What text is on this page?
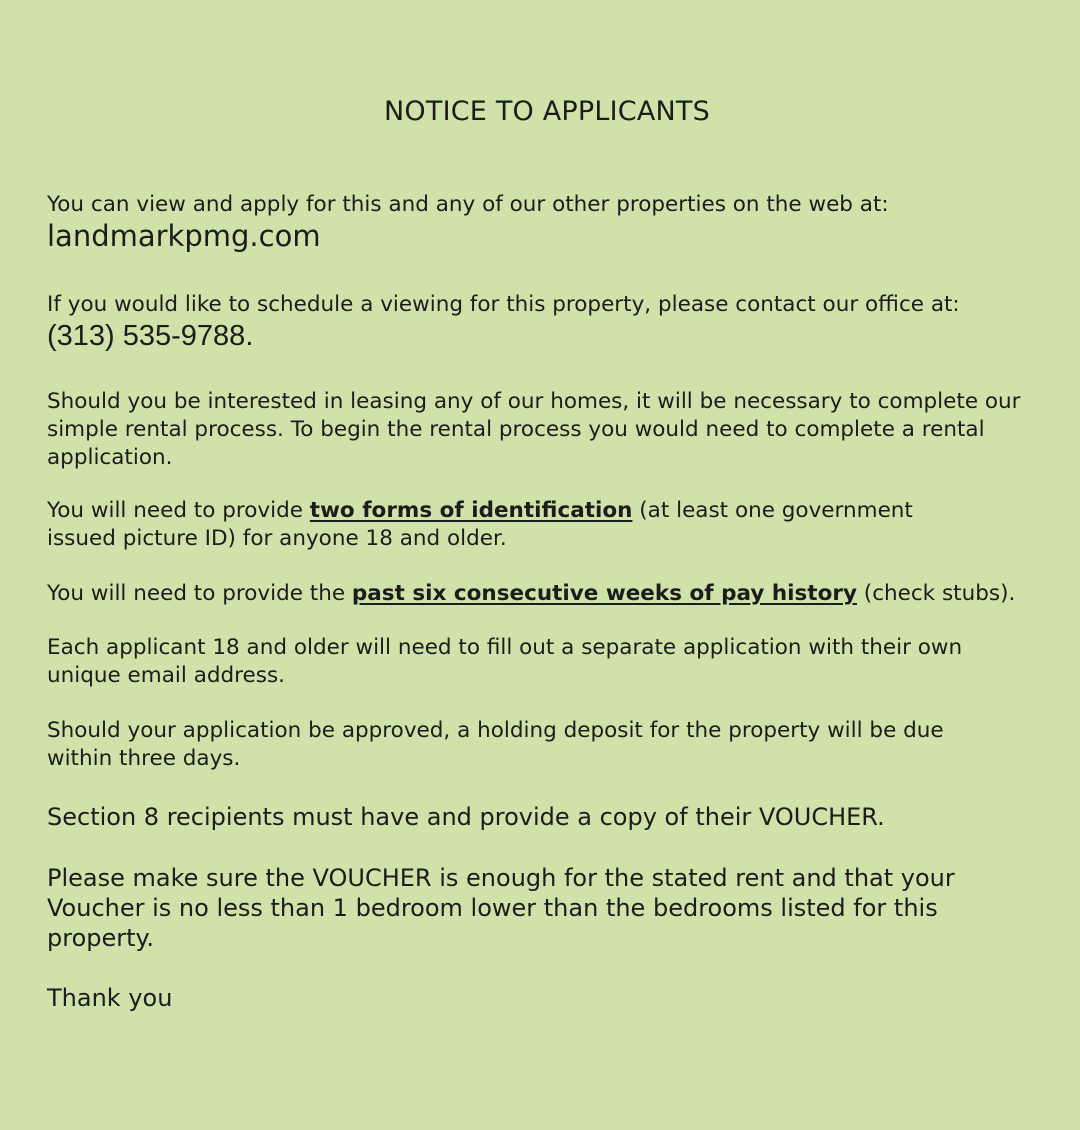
NOTICE TO APPLICANTS

You can view and apply for this and any of our other properties on the web at:
landmarkpmg.com

If you would like to schedule a viewing for this property, please contact our office at:
(313) 535-9788.

Should you be interested in leasing any of our homes, it will be necessary to complete our simple rental process. To begin the rental process you would need to complete a rental application.

You will need to provide two forms of identification (at least one government issued picture ID) for anyone 18 and older.

You will need to provide the past six consecutive weeks of pay history (check stubs).

Each applicant 18 and older will need to fill out a separate application with their own unique email address.

Should your application be approved, a holding deposit for the property will be due within three days.

Section 8 recipients must have and provide a copy of their VOUCHER.

Please make sure the VOUCHER is enough for the stated rent and that your Voucher is no less than 1 bedroom lower than the bedrooms listed for this property.

Thank you
